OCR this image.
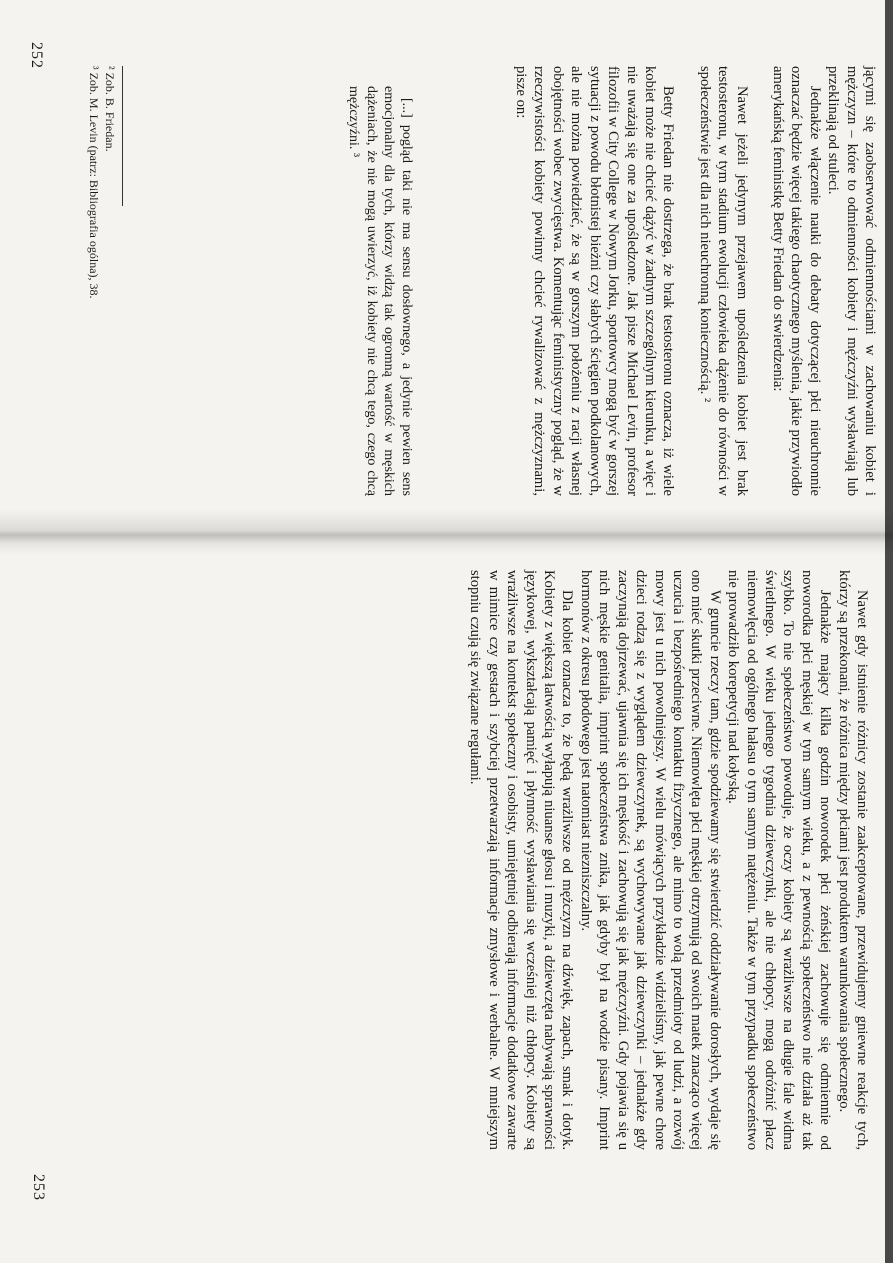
jącymi się zaobserwować odmiennościami w zachowaniu kobiet i mężczyzn – które to odmienności kobiety i mężczyźni wysławiają lub przeklinają od stuleci.

Jednakże włączenie nauki do debaty dotyczącej płci nieuchronnie oznaczać będzie więcej takiego chaotycznego myślenia, jakie przywiodło amerykańską feministkę Betty Friedan do stwierdzenia:

Nawet jeżeli jedynym przejawem upośledzenia kobiet jest brak testosteronu, w tym stadium ewolucji człowieka dążenie do równości w społeczeństwie jest dla nich nieuchronną koniecznością. ²

Betty Friedan nie dostrzega, że brak testosteronu oznacza, iż wiele kobiet może nie chcieć dążyć w żadnym szczególnym kierunku, a więc i nie uważają się one za upośledzone. Jak pisze Michael Levin, profesor filozofii w City College w Nowym Jorku, sportowcy mogą być w gorszej sytuacji z powodu błotnistej bieżni czy słabych ścięgien podkolanowych, ale nie można powiedzieć, że są w gorszym położeniu z racji własnej obojętności wobec zwycięstwa. Komentując feministyczny pogląd, że w rzeczywistości kobiety powinny chcieć rywalizować z mężczyznami, pisze on:

[...] pogląd taki nie ma sensu dosłownego, a jedynie pewien sens emocjonalny dla tych, którzy widzą tak ogromną wartość w męskich dążeniach, że nie mogą uwierzyć, iż kobiety nie chcą tego, czego chcą mężczyźni. ³

² Zob. B. Friedan.

³ Zob. M. Levin (patrz: Bibliografia ogólna), 38.

252

Nawet gdy istnienie różnicy zostanie zaakceptowane, przewidujemy gniewne reakcje tych, którzy są przekonani, że różnica między płciami jest produktem warunkowania społecznego.

Jednakże mający kilka godzin noworodek płci żeńskiej zachowuje się odmiennie od noworodka płci męskiej w tym samym wieku, a z pewnością społeczeństwo nie działa aż tak szybko. To nie społeczeństwo powoduje, że oczy kobiety są wrażliwsze na długie fale widma świetlnego. W wieku jednego tygodnia dziewczynki, ale nie chłopcy, mogą odróżnić płacz niemowlęcia od ogólnego hałasu o tym samym natężeniu. Także w tym przypadku społeczeństwo nie prowadziło korepetycji nad kołyską.

W gruncie rzeczy tam, gdzie spodziewamy się stwierdzić oddziaływanie dorosłych, wydaje się ono mieć skutki przeciwne. Niemowlęta płci męskiej otrzymują od swoich matek znacząco więcej uczucia i bezpośredniego kontaktu fizycznego, ale mimo to wolą przedmioty od ludzi, a rozwój mowy jest u nich powolniejszy. W wielu mówiących przykładzie widzieliśmy, jak pewne chore dzieci rodzą się z wyglądem dziewczynek, są wychowywane jak dziewczynki – jednakże gdy zaczynają dojrzewać, ujawnia się ich męskość i zachowują się jak mężczyźni. Gdy pojawia się u nich męskie genitalia, imprint społeczeństwa znika, jak gdyby był na wodzie pisany. Imprint hormonów z okresu płodowego jest natomiast niezniszczalny.

Dla kobiet oznacza to, że będą wrażliwsze od mężczyzn na dźwięk, zapach, smak i dotyk. Kobiety z większą łatwością wyłapują niuanse głosu i muzyki, a dziewczęta nabywają sprawności językowej, wykształcają pamięć i płynność wysławiania się wcześniej niż chłopcy. Kobiety są wrażliwsze na kontekst społeczny i osobisty, umiejętniej odbierają informacje dodatkowe zawarte w mimice czy gestach i szybciej przetwarzają informacje zmysłowe i werbalne. W mniejszym stopniu czują się związane regułami.

253
